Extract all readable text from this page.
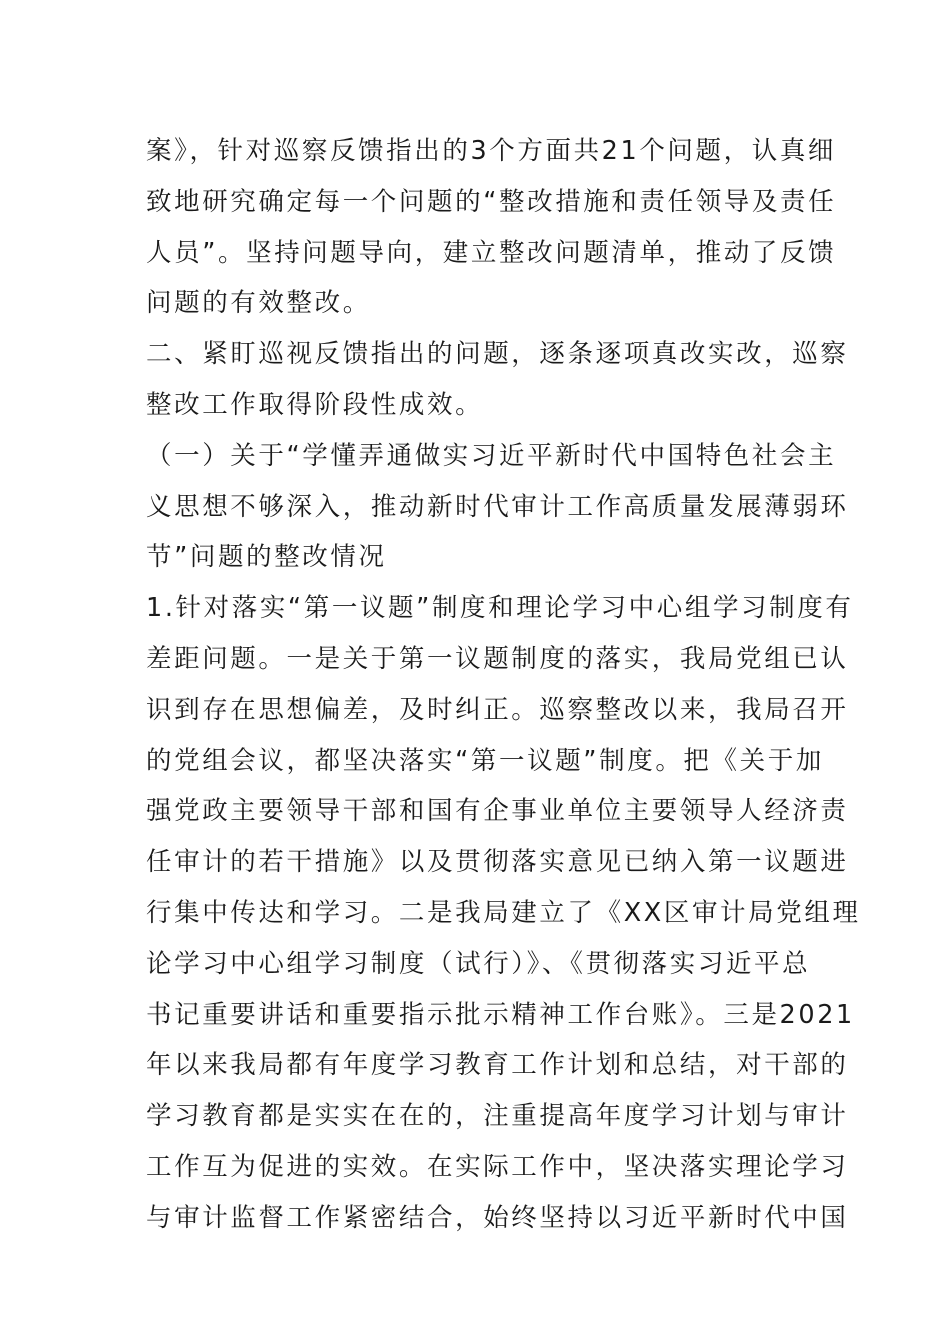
案》，针对巡察反馈指出的3个方面共21个问题，认真细
致地研究确定每一个问题的“整改措施和责任领导及责任
人员”。坚持问题导向，建立整改问题清单，推动了反馈
问题的有效整改。
二、紧盯巡视反馈指出的问题，逐条逐项真改实改，巡察
整改工作取得阶段性成效。
（一）关于“学懂弄通做实习近平新时代中国特色社会主
义思想不够深入，推动新时代审计工作高质量发展薄弱环
节”问题的整改情况
1.针对落实“第一议题”制度和理论学习中心组学习制度有
差距问题。一是关于第一议题制度的落实，我局党组已认
识到存在思想偏差，及时纠正。巡察整改以来，我局召开
的党组会议，都坚决落实“第一议题”制度。把《关于加
强党政主要领导干部和国有企事业单位主要领导人经济责
任审计的若干措施》以及贯彻落实意见已纳入第一议题进
行集中传达和学习。二是我局建立了《XX区审计局党组理
论学习中心组学习制度（试行）》、《贯彻落实习近平总
书记重要讲话和重要指示批示精神工作台账》。三是2021
年以来我局都有年度学习教育工作计划和总结，对干部的
学习教育都是实实在在的，注重提高年度学习计划与审计
工作互为促进的实效。在实际工作中，坚决落实理论学习
与审计监督工作紧密结合，始终坚持以习近平新时代中国
